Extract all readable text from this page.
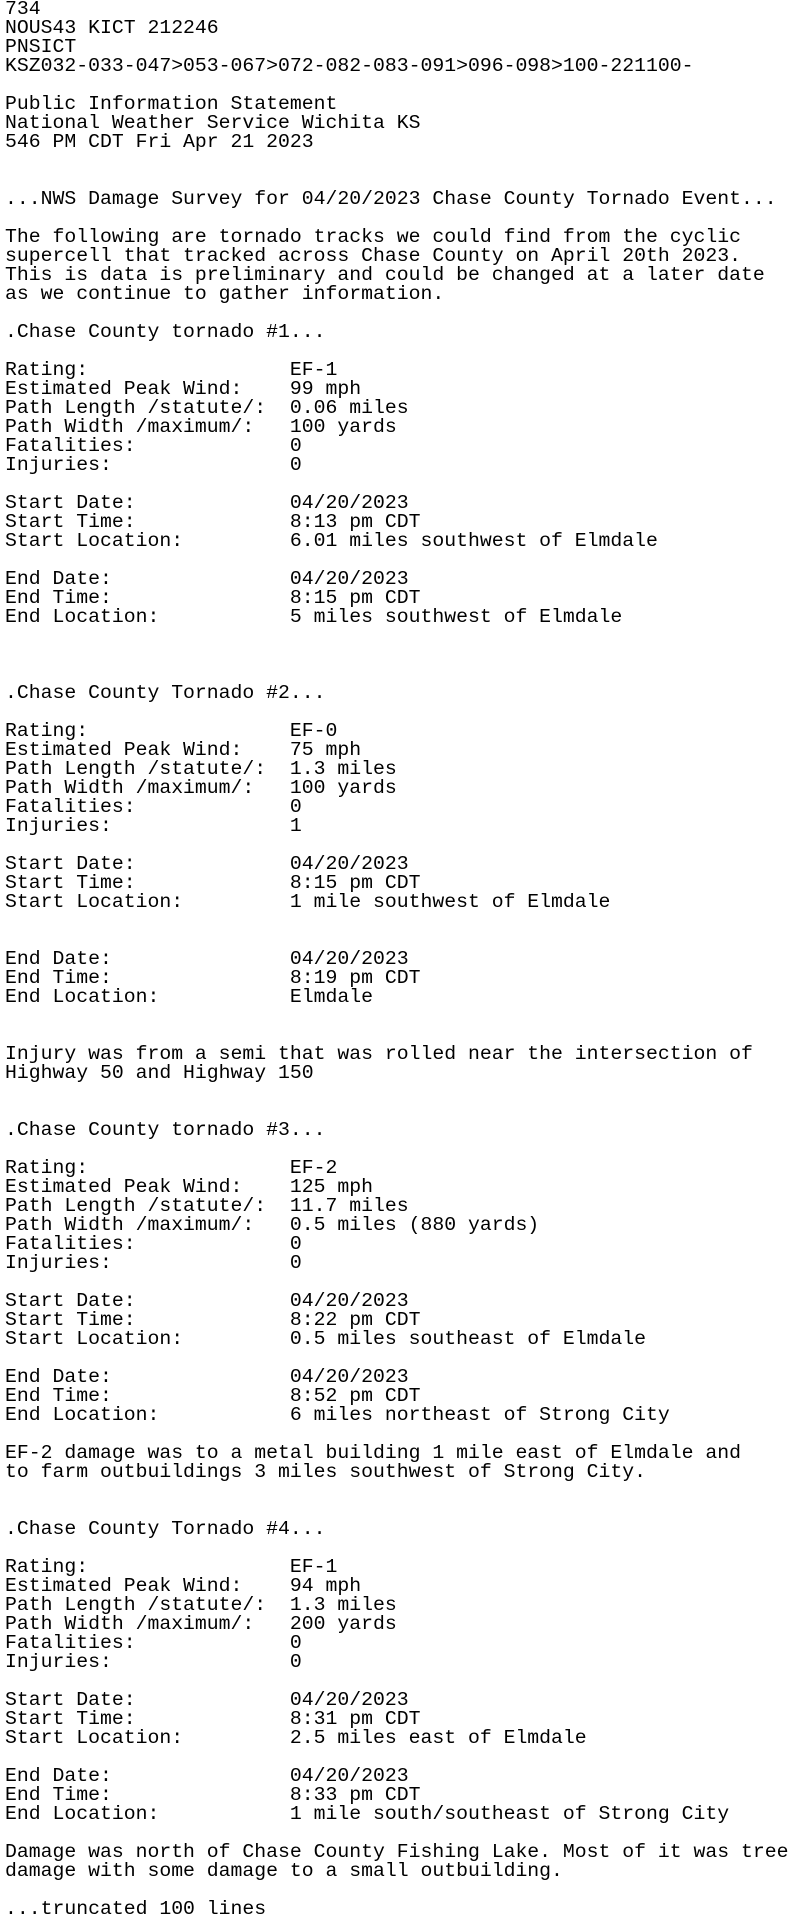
734
NOUS43 KICT 212246
PNSICT
KSZ032-033-047>053-067>072-082-083-091>096-098>100-221100-
Public Information Statement
National Weather Service Wichita KS
546 PM CDT Fri Apr 21 2023
...NWS Damage Survey for 04/20/2023 Chase County Tornado Event...
The following are tornado tracks we could find from the cyclic
supercell that tracked across Chase County on April 20th 2023.
This is data is preliminary and could be changed at a later date
as we continue to gather information.
.Chase County tornado #1...
Rating:                 EF-1
Estimated Peak Wind:    99 mph
Path Length /statute/:  0.06 miles
Path Width /maximum/:   100 yards
Fatalities:             0
Injuries:               0
Start Date:             04/20/2023
Start Time:             8:13 pm CDT
Start Location:         6.01 miles southwest of Elmdale
End Date:               04/20/2023
End Time:               8:15 pm CDT
End Location:           5 miles southwest of Elmdale
.Chase County Tornado #2...
Rating:                 EF-0
Estimated Peak Wind:    75 mph
Path Length /statute/:  1.3 miles
Path Width /maximum/:   100 yards
Fatalities:             0
Injuries:               1
Start Date:             04/20/2023
Start Time:             8:15 pm CDT
Start Location:         1 mile southwest of Elmdale
End Date:               04/20/2023
End Time:               8:19 pm CDT
End Location:           Elmdale
Injury was from a semi that was rolled near the intersection of
Highway 50 and Highway 150
.Chase County tornado #3...
Rating:                 EF-2
Estimated Peak Wind:    125 mph
Path Length /statute/:  11.7 miles
Path Width /maximum/:   0.5 miles (880 yards)
Fatalities:             0
Injuries:               0
Start Date:             04/20/2023
Start Time:             8:22 pm CDT
Start Location:         0.5 miles southeast of Elmdale
End Date:               04/20/2023
End Time:               8:52 pm CDT
End Location:           6 miles northeast of Strong City
EF-2 damage was to a metal building 1 mile east of Elmdale and
to farm outbuildings 3 miles southwest of Strong City.
.Chase County Tornado #4...
Rating:                 EF-1
Estimated Peak Wind:    94 mph
Path Length /statute/:  1.3 miles
Path Width /maximum/:   200 yards
Fatalities:             0
Injuries:               0
Start Date:             04/20/2023
Start Time:             8:31 pm CDT
Start Location:         2.5 miles east of Elmdale
End Date:               04/20/2023
End Time:               8:33 pm CDT
End Location:           1 mile south/southeast of Strong City
Damage was north of Chase County Fishing Lake. Most of it was tree
damage with some damage to a small outbuilding.
...truncated 100 lines
